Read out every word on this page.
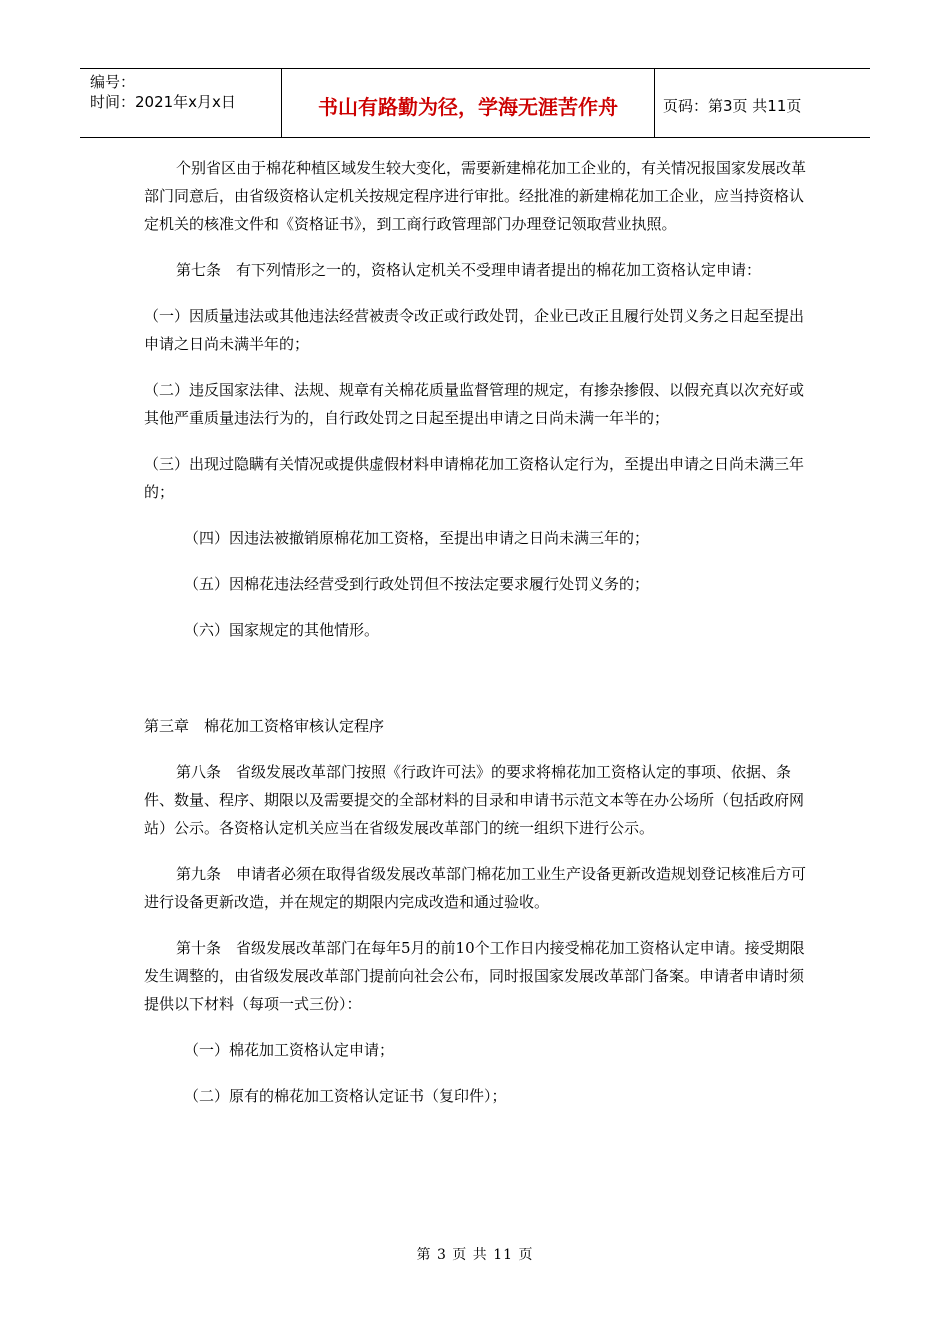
编号：
时间：2021年x月x日	书山有路勤为径，学海无涯苦作舟	页码：第3页 共11页

个别省区由于棉花种植区域发生较大变化，需要新建棉花加工企业的，有关情况报国家发展改革部门同意后，由省级资格认定机关按规定程序进行审批。经批准的新建棉花加工企业，应当持资格认定机关的核准文件和《资格证书》，到工商行政管理部门办理登记领取营业执照。

第七条　有下列情形之一的，资格认定机关不受理申请者提出的棉花加工资格认定申请：

（一）因质量违法或其他违法经营被责令改正或行政处罚，企业已改正且履行处罚义务之日起至提出申请之日尚未满半年的；

（二）违反国家法律、法规、规章有关棉花质量监督管理的规定，有掺杂掺假、以假充真以次充好或其他严重质量违法行为的，自行政处罚之日起至提出申请之日尚未满一年半的；

（三）出现过隐瞒有关情况或提供虚假材料申请棉花加工资格认定行为，至提出申请之日尚未满三年的；

（四）因违法被撤销原棉花加工资格，至提出申请之日尚未满三年的；

（五）因棉花违法经营受到行政处罚但不按法定要求履行处罚义务的；

（六）国家规定的其他情形。

第三章　棉花加工资格审核认定程序

第八条　省级发展改革部门按照《行政许可法》的要求将棉花加工资格认定的事项、依据、条件、数量、程序、期限以及需要提交的全部材料的目录和申请书示范文本等在办公场所（包括政府网站）公示。各资格认定机关应当在省级发展改革部门的统一组织下进行公示。

第九条　申请者必须在取得省级发展改革部门棉花加工业生产设备更新改造规划登记核准后方可进行设备更新改造，并在规定的期限内完成改造和通过验收。

第十条　省级发展改革部门在每年5月的前10个工作日内接受棉花加工资格认定申请。接受期限发生调整的，由省级发展改革部门提前向社会公布，同时报国家发展改革部门备案。申请者申请时须提供以下材料（每项一式三份）：

（一）棉花加工资格认定申请；

（二）原有的棉花加工资格认定证书（复印件）；

第 3 页 共 11 页
